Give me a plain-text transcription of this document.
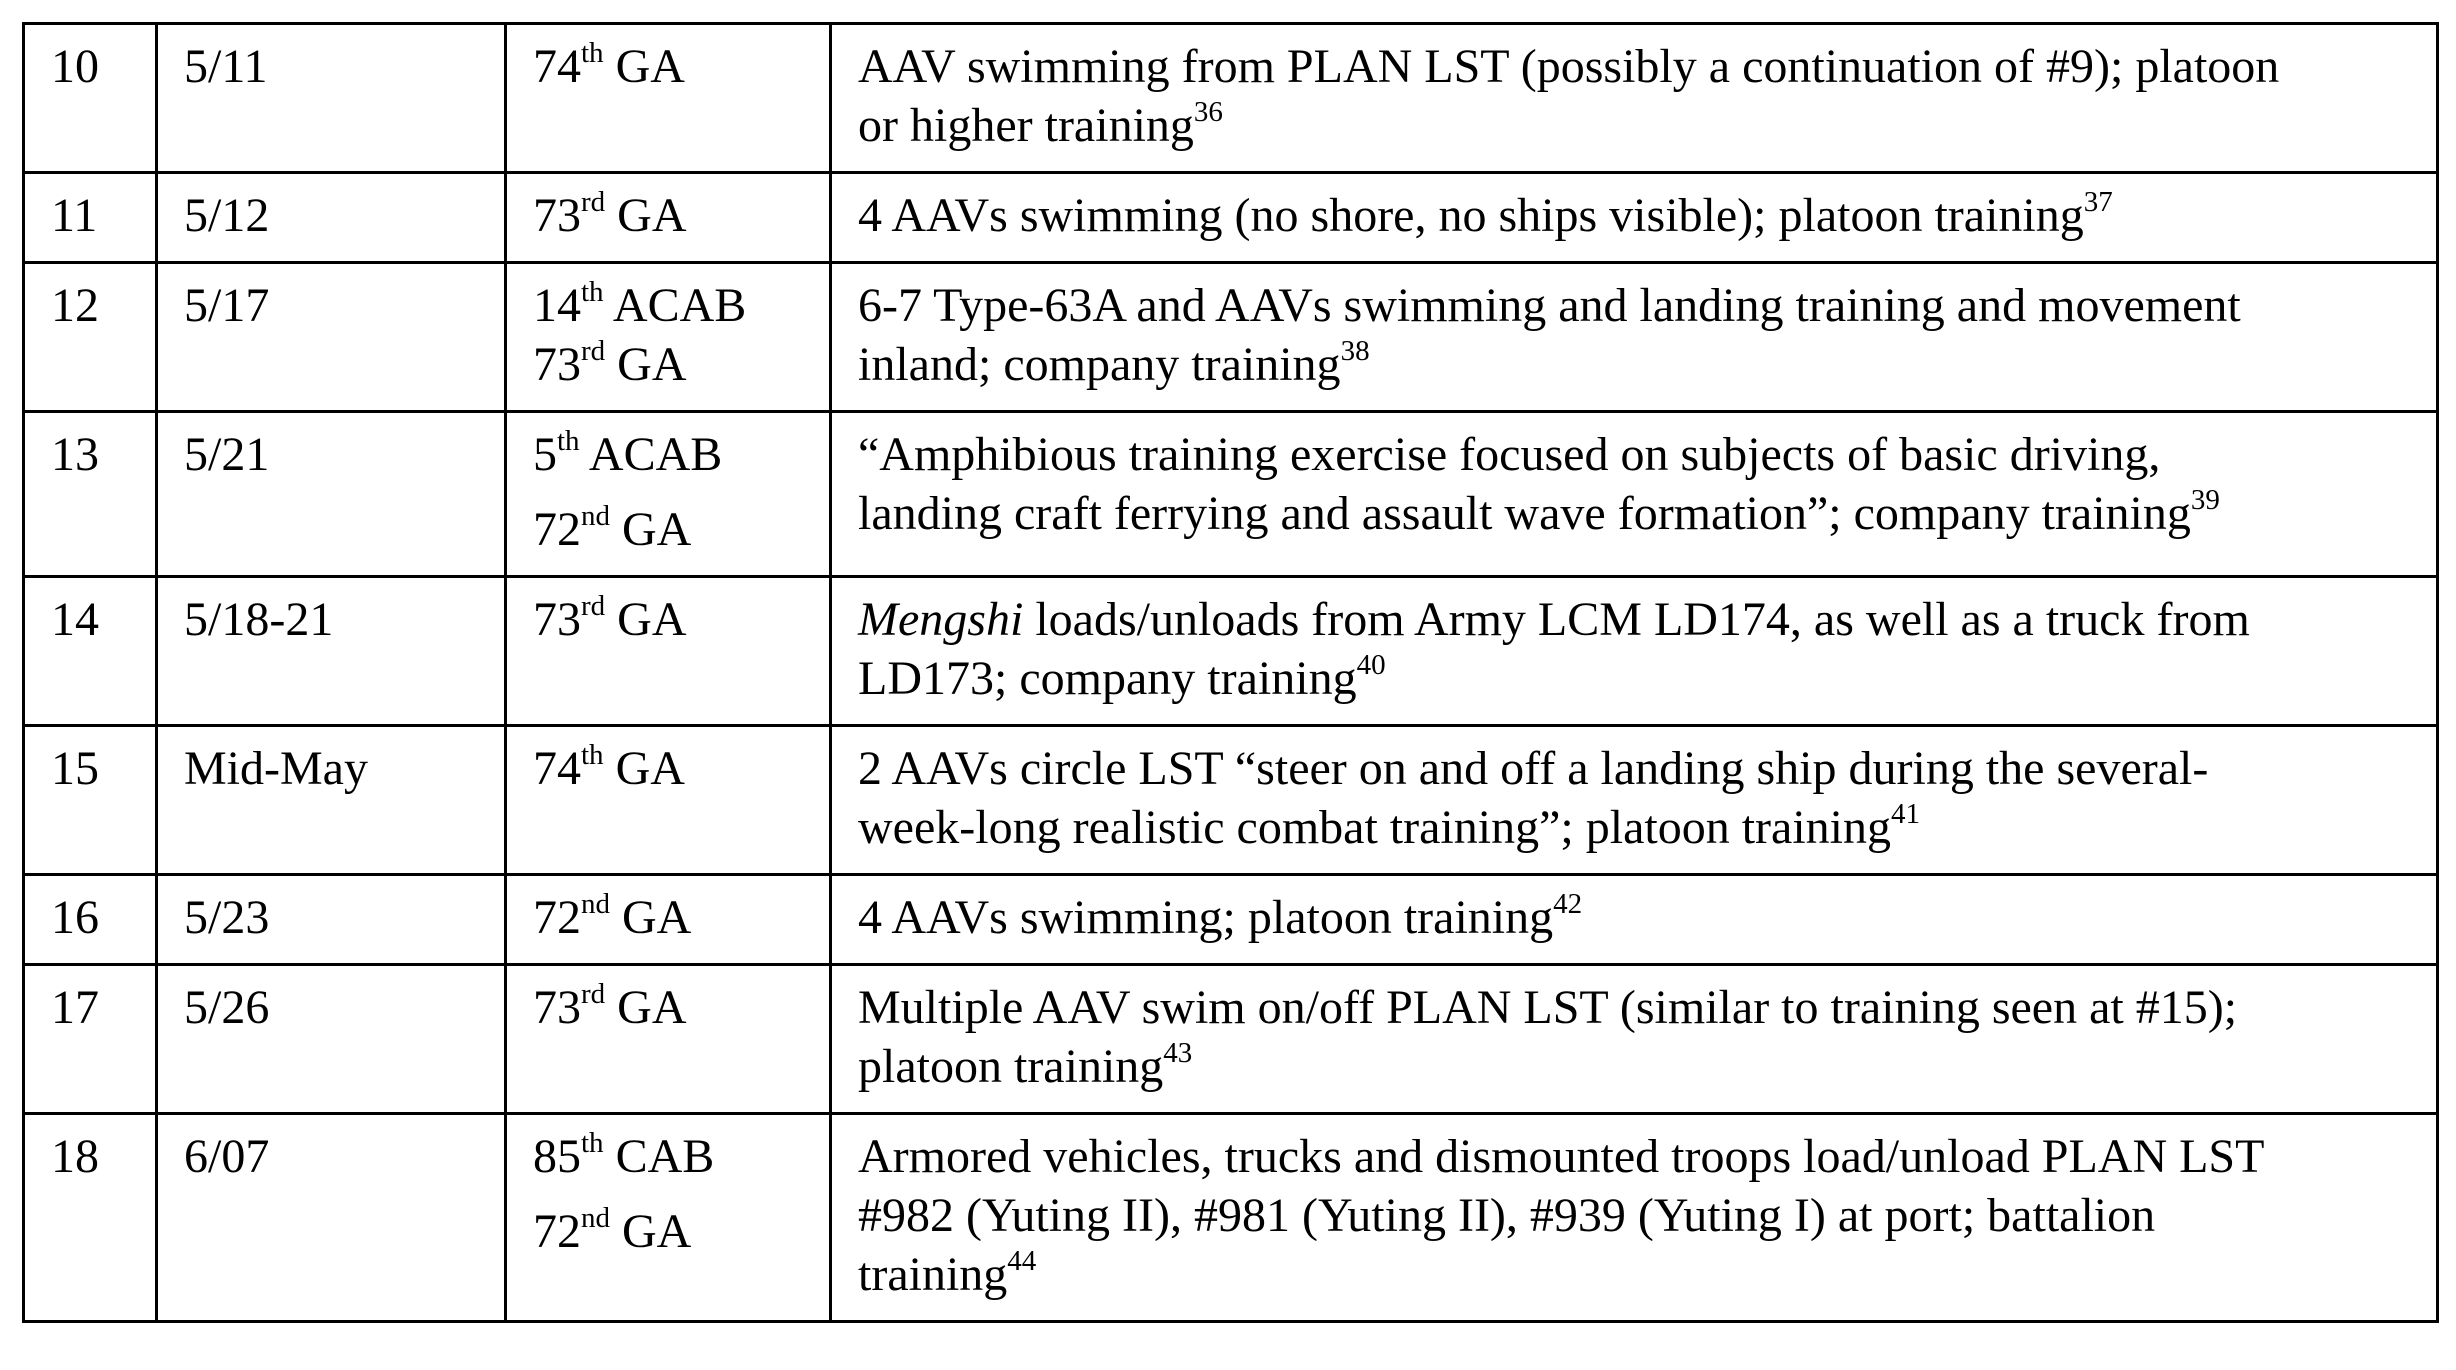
10	5/11	74th GA	AAV swimming from PLAN LST (possibly a continuation of #9); platoon
or higher training$^{36}$

11	5/12	73rd GA	4 AAVs swimming (no shore, no ships visible); platoon training$^{37}$

12	5/17	14th ACAB
73rd GA	6-7 Type-63A and AAVs swimming and landing training and movement
inland; company training$^{38}$

13	5/21	5th ACAB
72nd GA	“Amphibious training exercise focused on subjects of basic driving,
landing craft ferrying and assault wave formation”; company training$^{39}$

14	5/18-21	73rd GA	Mengshi loads/unloads from Army LCM LD174, as well as a truck from
LD173; company training$^{40}$

15	Mid-May	74th GA	2 AAVs circle LST “steer on and off a landing ship during the several-
week-long realistic combat training”; platoon training$^{41}$

16	5/23	72nd GA	4 AAVs swimming; platoon training$^{42}$

17	5/26	73rd GA	Multiple AAV swim on/off PLAN LST (similar to training seen at #15);
platoon training$^{43}$

18	6/07	85th CAB
72nd GA	Armored vehicles, trucks and dismounted troops load/unload PLAN LST
#982 (Yuting II), #981 (Yuting II), #939 (Yuting I) at port; battalion
training$^{44}$
